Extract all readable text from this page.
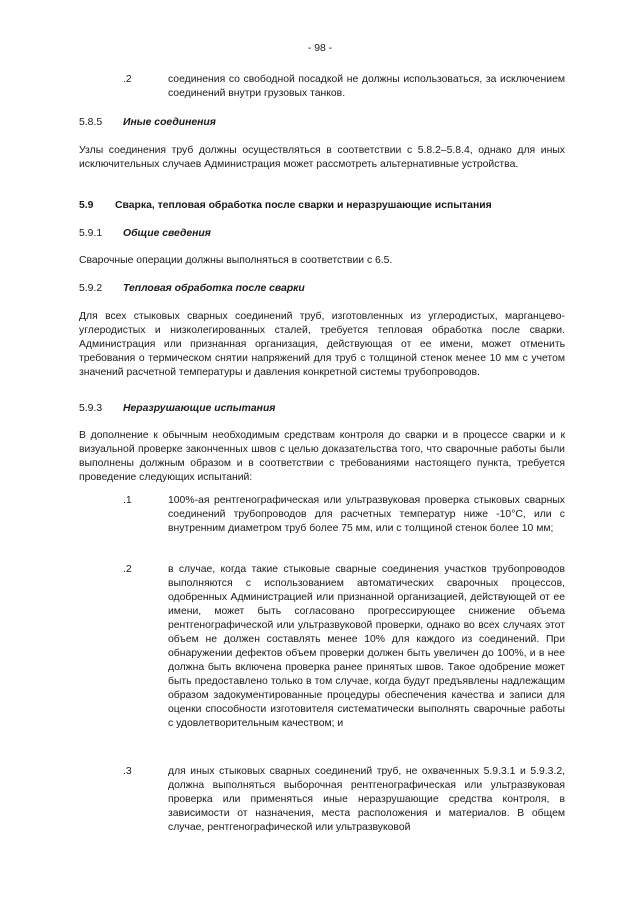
- 98 -
.2	соединения со свободной посадкой не должны использоваться, за исключением соединений внутри грузовых танков.

5.8.5 Иные соединения

Узлы соединения труб должны осуществляться в соответствии с 5.8.2–5.8.4, однако для иных исключительных случаев Администрация может рассмотреть альтернативные устройства.

5.9 Сварка, тепловая обработка после сварки и неразрушающие испытания
5.9.1 Общие сведения

Сварочные операции должны выполняться в соответствии с 6.5.

5.9.2 Тепловая обработка после сварки

Для всех стыковых сварных соединений труб, изготовленных из углеродистых, марганцево-углеродистых и низколегированных сталей, требуется тепловая обработка после сварки. Администрация или признанная организация, действующая от ее имени, может отменить требования о термическом снятии напряжений для труб с толщиной стенок менее 10 мм с учетом значений расчетной температуры и давления конкретной системы трубопроводов.

5.9.3 Неразрушающие испытания

В дополнение к обычным необходимым средствам контроля до сварки и в процессе сварки и к визуальной проверке законченных швов с целью доказательства того, что сварочные работы были выполнены должным образом и в соответствии с требованиями настоящего пункта, требуется проведение следующих испытаний:

.1	100%-ая рентгенографическая или ультразвуковая проверка стыковых сварных соединений трубопроводов для расчетных температур ниже -10°С, или с внутренним диаметром труб более 75 мм, или с толщиной стенок более 10 мм;

.2	в случае, когда такие стыковые сварные соединения участков трубопроводов выполняются с использованием автоматических сварочных процессов, одобренных Администрацией или признанной организацией, действующей от ее имени, может быть согласовано прогрессирующее снижение объема рентгенографической или ультразвуковой проверки, однако во всех случаях этот объем не должен составлять менее 10% для каждого из соединений. При обнаружении дефектов объем проверки должен быть увеличен до 100%, и в нее должна быть включена проверка ранее принятых швов. Такое одобрение может быть предоставлено только в том случае, когда будут предъявлены надлежащим образом задокументированные процедуры обеспечения качества и записи для оценки способности изготовителя систематически выполнять сварочные работы с удовлетворительным качеством; и

.3	для иных стыковых сварных соединений труб, не охваченных 5.9.3.1 и 5.9.3.2, должна выполняться выборочная рентгенографическая или ультразвуковая проверка или применяться иные неразрушающие средства контроля, в зависимости от назначения, места расположения и материалов. В общем случае, рентгенографической или ультразвуковой
